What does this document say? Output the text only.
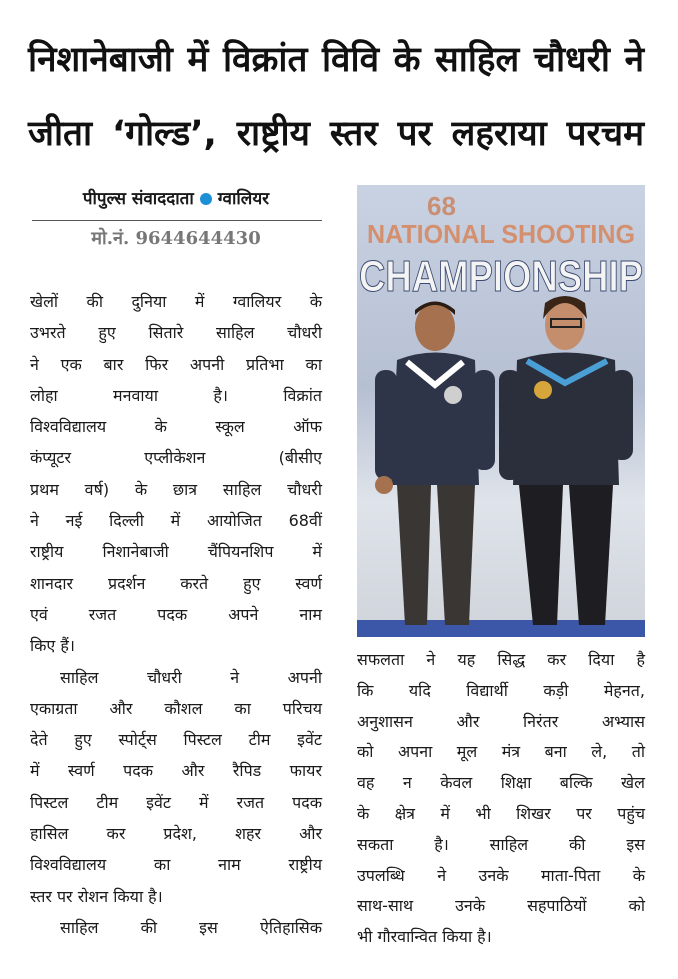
निशानेबाजी में विक्रांत विवि के साहिल चौधरी ने
जीता ‘गोल्ड’, राष्ट्रीय स्तर पर लहराया परचम
पीपुल्स संवाददाता ग्वालियर
मो.नं. 9644644430
68
NATIONAL SHOOTING
CHAMPIONSHIP
खेलों की दुनिया में ग्वालियर के
उभरते हुए सितारे साहिल चौधरी
ने एक बार फिर अपनी प्रतिभा का
लोहा मनवाया है। विक्रांत
विश्वविद्यालय के स्कूल ऑफ
कंप्यूटर एप्लीकेशन (बीसीए
प्रथम वर्ष) के छात्र साहिल चौधरी
ने नई दिल्ली में आयोजित 68वीं
राष्ट्रीय निशानेबाजी चैंपियनशिप में
शानदार प्रदर्शन करते हुए स्वर्ण
एवं रजत पदक अपने नाम
किए हैं।
साहिल चौधरी ने अपनी
एकाग्रता और कौशल का परिचय
देते हुए स्पोर्ट्स पिस्टल टीम इवेंट
में स्वर्ण पदक और रैपिड फायर
पिस्टल टीम इवेंट में रजत पदक
हासिल कर प्रदेश, शहर और
विश्वविद्यालय का नाम राष्ट्रीय
स्तर पर रोशन किया है।
साहिल की इस ऐतिहासिक
सफलता ने यह सिद्ध कर दिया है
कि यदि विद्यार्थी कड़ी मेहनत,
अनुशासन और निरंतर अभ्यास
को अपना मूल मंत्र बना ले, तो
वह न केवल शिक्षा बल्कि खेल
के क्षेत्र में भी शिखर पर पहुंच
सकता है। साहिल की इस
उपलब्धि ने उनके माता-पिता के
साथ-साथ उनके सहपाठियों को
भी गौरवान्वित किया है।
